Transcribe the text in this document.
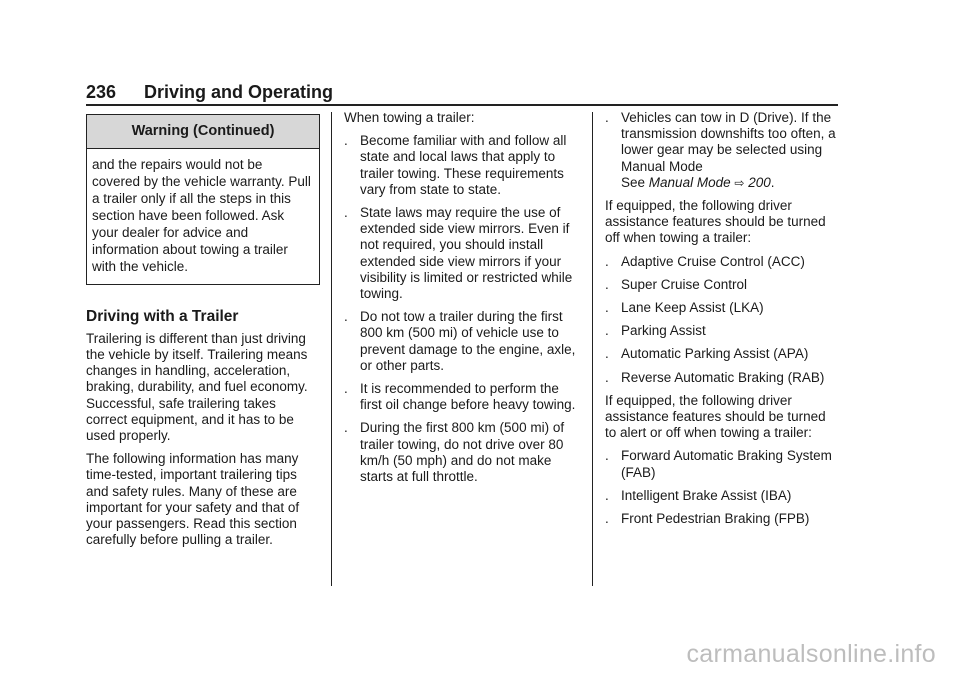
236 Driving and Operating
Warning (Continued)
and the repairs would not be covered by the vehicle warranty. Pull a trailer only if all the steps in this section have been followed. Ask your dealer for advice and information about towing a trailer with the vehicle.
Driving with a Trailer

Trailering is different than just driving the vehicle by itself. Trailering means changes in handling, acceleration, braking, durability, and fuel economy. Successful, safe trailering takes correct equipment, and it has to be used properly.

The following information has many time-tested, important trailering tips and safety rules. Many of these are important for your safety and that of your passengers. Read this section carefully before pulling a trailer.

When towing a trailer:

. Become familiar with and follow all state and local laws that apply to trailer towing. These requirements vary from state to state.
. State laws may require the use of extended side view mirrors. Even if not required, you should install extended side view mirrors if your visibility is limited or restricted while towing.
. Do not tow a trailer during the first 800 km (500 mi) of vehicle use to prevent damage to the engine, axle, or other parts.
. It is recommended to perform the first oil change before heavy towing.
. During the first 800 km (500 mi) of trailer towing, do not drive over 80 km/h (50 mph) and do not make starts at full throttle.
. Vehicles can tow in D (Drive). If the transmission downshifts too often, a lower gear may be selected using Manual Mode
See Manual Mode ⇨ 200.

If equipped, the following driver assistance features should be turned off when towing a trailer:

. Adaptive Cruise Control (ACC)
. Super Cruise Control
. Lane Keep Assist (LKA)
. Parking Assist
. Automatic Parking Assist (APA)
. Reverse Automatic Braking (RAB)

If equipped, the following driver assistance features should be turned to alert or off when towing a trailer:

. Forward Automatic Braking System (FAB)
. Intelligent Brake Assist (IBA)
. Front Pedestrian Braking (FPB)
carmanualsonline.info
